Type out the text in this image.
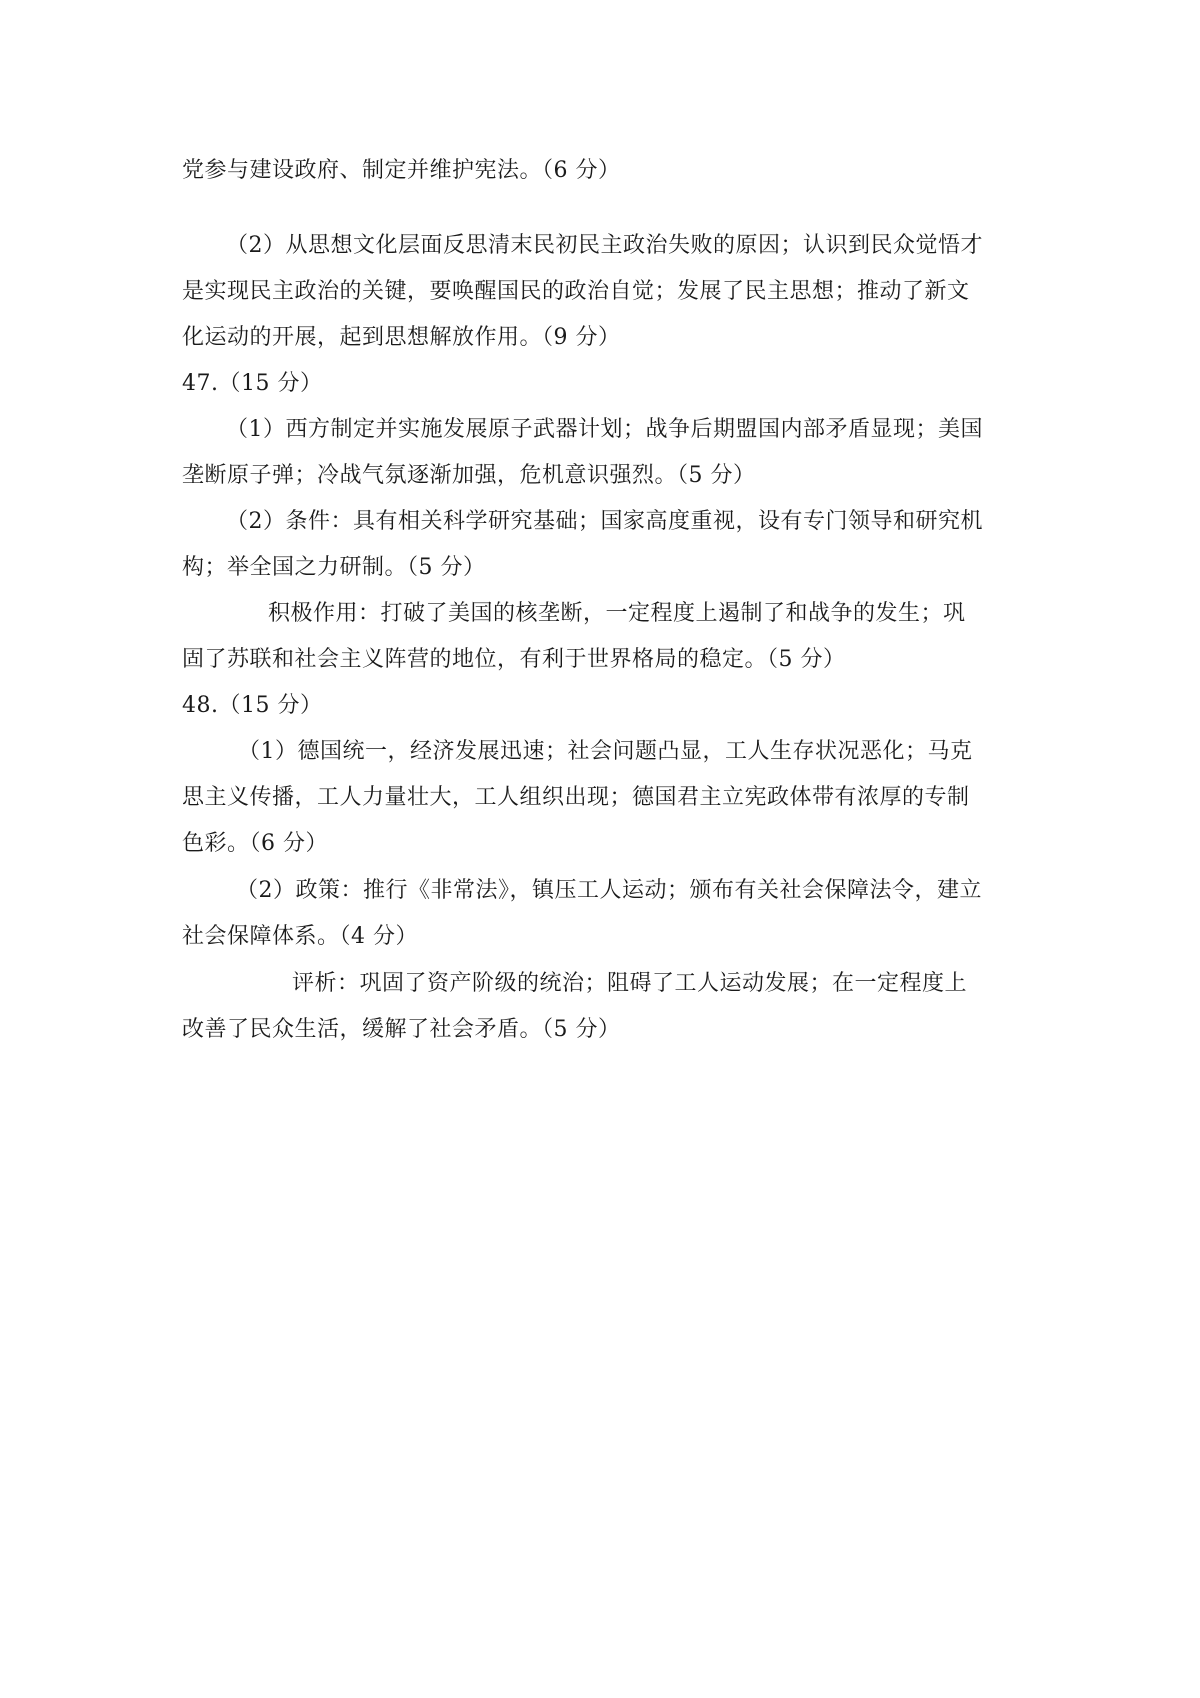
党参与建设政府、制定并维护宪法。（6 分）
（2）从思想文化层面反思清末民初民主政治失败的原因；认识到民众觉悟才
是实现民主政治的关键，要唤醒国民的政治自觉；发展了民主思想；推动了新文
化运动的开展，起到思想解放作用。（9 分）
47.（15 分）
（1）西方制定并实施发展原子武器计划；战争后期盟国内部矛盾显现；美国
垄断原子弹；冷战气氛逐渐加强，危机意识强烈。（5 分）
（2）条件：具有相关科学研究基础；国家高度重视，设有专门领导和研究机
构；举全国之力研制。（5 分）
积极作用：打破了美国的核垄断，一定程度上遏制了和战争的发生；巩
固了苏联和社会主义阵营的地位，有利于世界格局的稳定。（5 分）
48.（15 分）
（1）德国统一，经济发展迅速；社会问题凸显，工人生存状况恶化；马克
思主义传播，工人力量壮大，工人组织出现；德国君主立宪政体带有浓厚的专制
色彩。（6 分）
（2）政策：推行《非常法》，镇压工人运动；颁布有关社会保障法令，建立
社会保障体系。（4 分）
评析：巩固了资产阶级的统治；阻碍了工人运动发展；在一定程度上
改善了民众生活，缓解了社会矛盾。（5 分）
